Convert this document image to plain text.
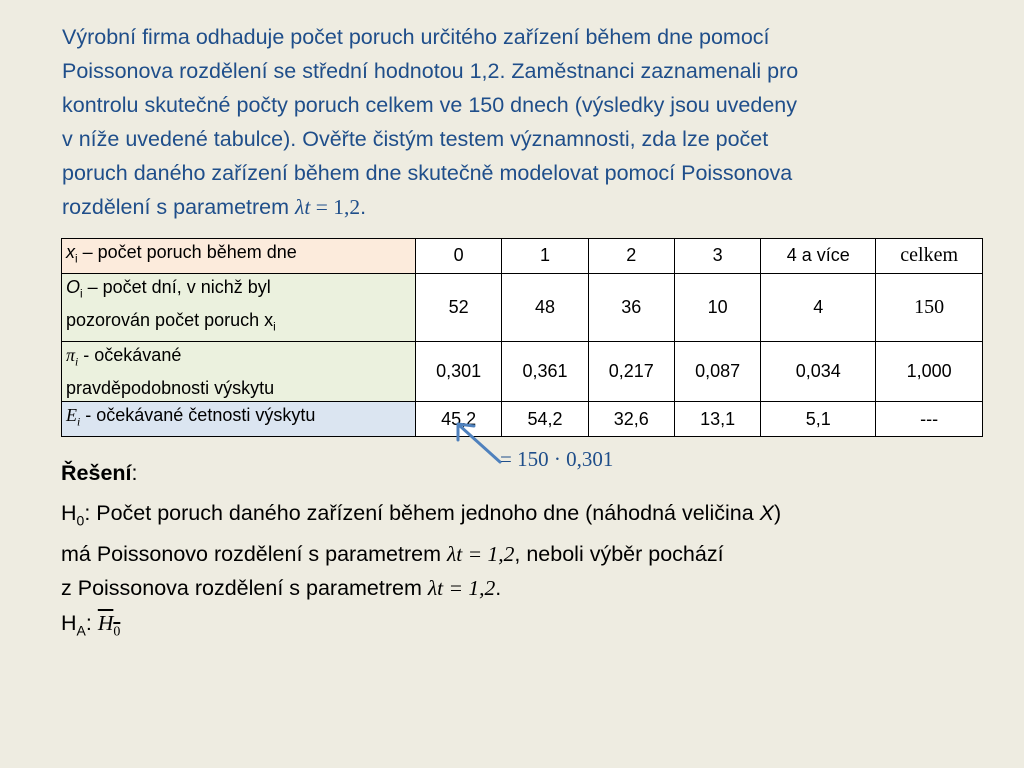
Výrobní firma odhaduje počet poruch určitého zařízení během dne pomocí
Poissonova rozdělení se střední hodnotou 1,2. Zaměstnanci zaznamenali pro
kontrolu skutečné počty poruch celkem ve 150 dnech (výsledky jsou uvedeny
v níže uvedené tabulce). Ověřte čistým testem významnosti, zda lze počet
poruch daného zařízení během dne skutečně modelovat pomocí Poissonova
rozdělení s parametrem λt = 1,2.
$x_i$ – počet poruch během dne	0	1	2	3	4 a více	celkem
$O_i$ – počet dní, v nichž byl
pozorován počet poruch $x_i$	52	48	36	10	4	150
$\pi_i$ - očekávané
pravděpodobnosti výskytu	0,301	0,361	0,217	0,087	0,034	1,000
$E_i$ - očekávané četnosti výskytu	45,2	54,2	32,6	13,1	5,1	---
= 150 · 0,301
Řešení:

$H_0$: Počet poruch daného zařízení během jednoho dne (náhodná veličina X)

má Poissonovo rozdělení s parametrem λt = 1,2, neboli výběr pochází

z Poissonova rozdělení s parametrem λt = 1,2.

$H_A$: $H_0$
